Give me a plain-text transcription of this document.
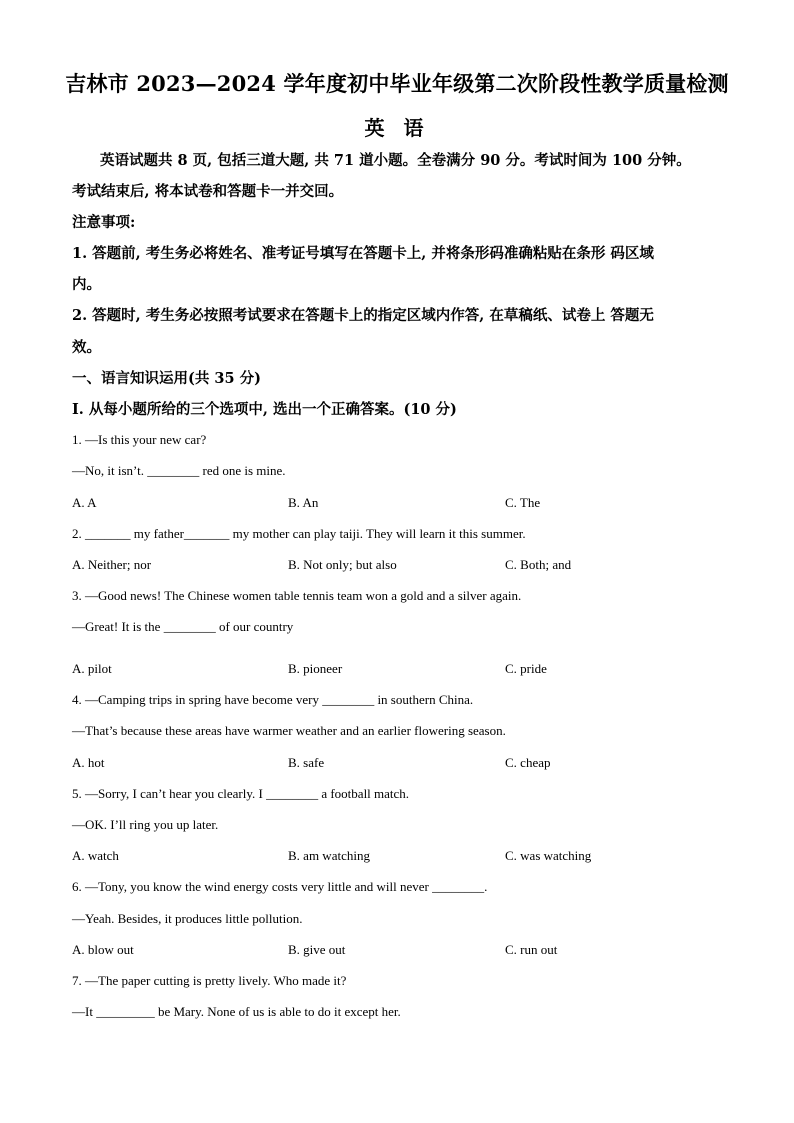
吉林市 2023—2024 学年度初中毕业年级第二次阶段性教学质量检测
英 语
英语试题共 8 页, 包括三道大题, 共 71 道小题。全卷满分 90 分。考试时间为 100 分钟。
考试结束后, 将本试卷和答题卡一并交回。
注意事项:
1. 答题前, 考生务必将姓名、准考证号填写在答题卡上, 并将条形码准确粘贴在条形 码区域
内。
2. 答题时, 考生务必按照考试要求在答题卡上的指定区域内作答, 在草稿纸、试卷上 答题无
效。
一、语言知识运用(共 35 分)
I. 从每小题所给的三个选项中, 选出一个正确答案。(10 分)
1. —Is this your new car?
—No, it isn’t. ________ red one is mine.
A. A	B. An	C. The
2. _______ my father_______ my mother can play taiji. They will learn it this summer.
A. Neither; nor	B. Not only; but also	C. Both; and
3. —Good news! The Chinese women table tennis team won a gold and a silver again.
—Great! It is the ________ of our country
A. pilot	B. pioneer	C. pride
4. —Camping trips in spring have become very ________ in southern China.
—That’s because these areas have warmer weather and an earlier flowering season.
A. hot	B. safe	C. cheap
5. —Sorry, I can’t hear you clearly. I ________ a football match.
—OK. I’ll ring you up later.
A. watch	B. am watching	C. was watching
6. —Tony, you know the wind energy costs very little and will never ________.
—Yeah. Besides, it produces little pollution.
A. blow out	B. give out	C. run out
7. —The paper cutting is pretty lively. Who made it?
—It _________ be Mary. None of us is able to do it except her.
